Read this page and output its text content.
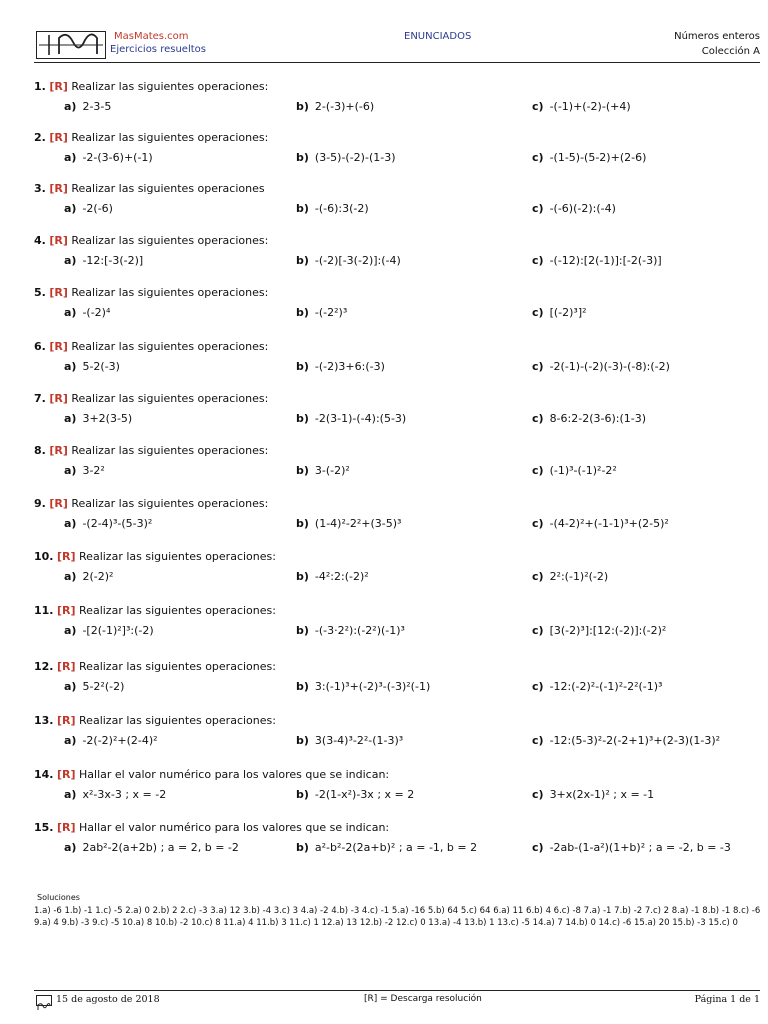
MasMates.com
Ejercicios resueltos
ENUNCIADOS	Números enteros
Colección A
1. [R] Realizar las siguientes operaciones:
a) 2-3-5	b) 2-(-3)+(-6)	c) -(-1)+(-2)-(+4)
2. [R] Realizar las siguientes operaciones:
a) -2-(3-6)+(-1)	b) (3-5)-(-2)-(1-3)	c) -(1-5)-(5-2)+(2-6)
3. [R] Realizar las siguientes operaciones
a) -2(-6)	b) -(-6):3(-2)	c) -(-6)(-2):(-4)
4. [R] Realizar las siguientes operaciones:
a) -12:[-3(-2)]	b) -(-2)[-3(-2)]:(-4)	c) -(-12):[2(-1)]:[-2(-3)]
5. [R] Realizar las siguientes operaciones:
a) -(-2)⁴	b) -(-2²)³	c) [(-2)³]²
6. [R] Realizar las siguientes operaciones:
a) 5-2(-3)	b) -(-2)3+6:(-3)	c) -2(-1)-(-2)(-3)-(-8):(-2)
7. [R] Realizar las siguientes operaciones:
a) 3+2(3-5)	b) -2(3-1)-(-4):(5-3)	c) 8-6:2-2(3-6):(1-3)
8. [R] Realizar las siguientes operaciones:
a) 3-2²	b) 3-(-2)²	c) (-1)³-(-1)²-2²
9. [R] Realizar las siguientes operaciones:
a) -(2-4)³-(5-3)²	b) (1-4)²-2²+(3-5)³	c) -(4-2)²+(-1-1)³+(2-5)²
10. [R] Realizar las siguientes operaciones:
a) 2(-2)²	b) -4²:2:(-2)²	c) 2²:(-1)²(-2)
11. [R] Realizar las siguientes operaciones:
a) -[2(-1)²]³:(-2)	b) -(-3·2²):(-2²)(-1)³	c) [3(-2)³]:[12:(-2)]:(-2)²
12. [R] Realizar las siguientes operaciones:
a) 5-2²(-2)	b) 3:(-1)³+(-2)³-(-3)²(-1)	c) -12:(-2)²-(-1)²-2²(-1)³
13. [R] Realizar las siguientes operaciones:
a) -2(-2)²+(2-4)²	b) 3(3-4)³-2²-(1-3)³	c) -12:(5-3)²-2(-2+1)³+(2-3)(1-3)²
14. [R] Hallar el valor numérico para los valores que se indican:
a) x²-3x-3 ; x = -2	b) -2(1-x²)-3x ; x = 2	c) 3+x(2x-1)² ; x = -1
15. [R] Hallar el valor numérico para los valores que se indican:
a) 2ab²-2(a+2b) ; a = 2, b = -2	b) a²-b²-2(2a+b)² ; a = -1, b = 2	c) -2ab-(1-a²)(1+b)² ; a = -2, b = -3
Soluciones
1.a) -6 1.b) -1 1.c) -5 2.a) 0 2.b) 2 2.c) -3 3.a) 12 3.b) -4 3.c) 3 4.a) -2 4.b) -3 4.c) -1 5.a) -16 5.b) 64 5.c) 64 6.a) 11 6.b) 4 6.c) -8 7.a) -1 7.b) -2 7.c) 2 8.a) -1 8.b) -1 8.c) -6 9.a) 4 9.b) -3 9.c) -5 10.a) 8 10.b) -2 10.c) 8 11.a) 4 11.b) 3 11.c) 1 12.a) 13 12.b) -2 12.c) 0 13.a) -4 13.b) 1 13.c) -5 14.a) 7 14.b) 0 14.c) -6 15.a) 20 15.b) -3 15.c) 0
15 de agosto de 2018	[R] = Descarga resolución	Página 1 de 1
